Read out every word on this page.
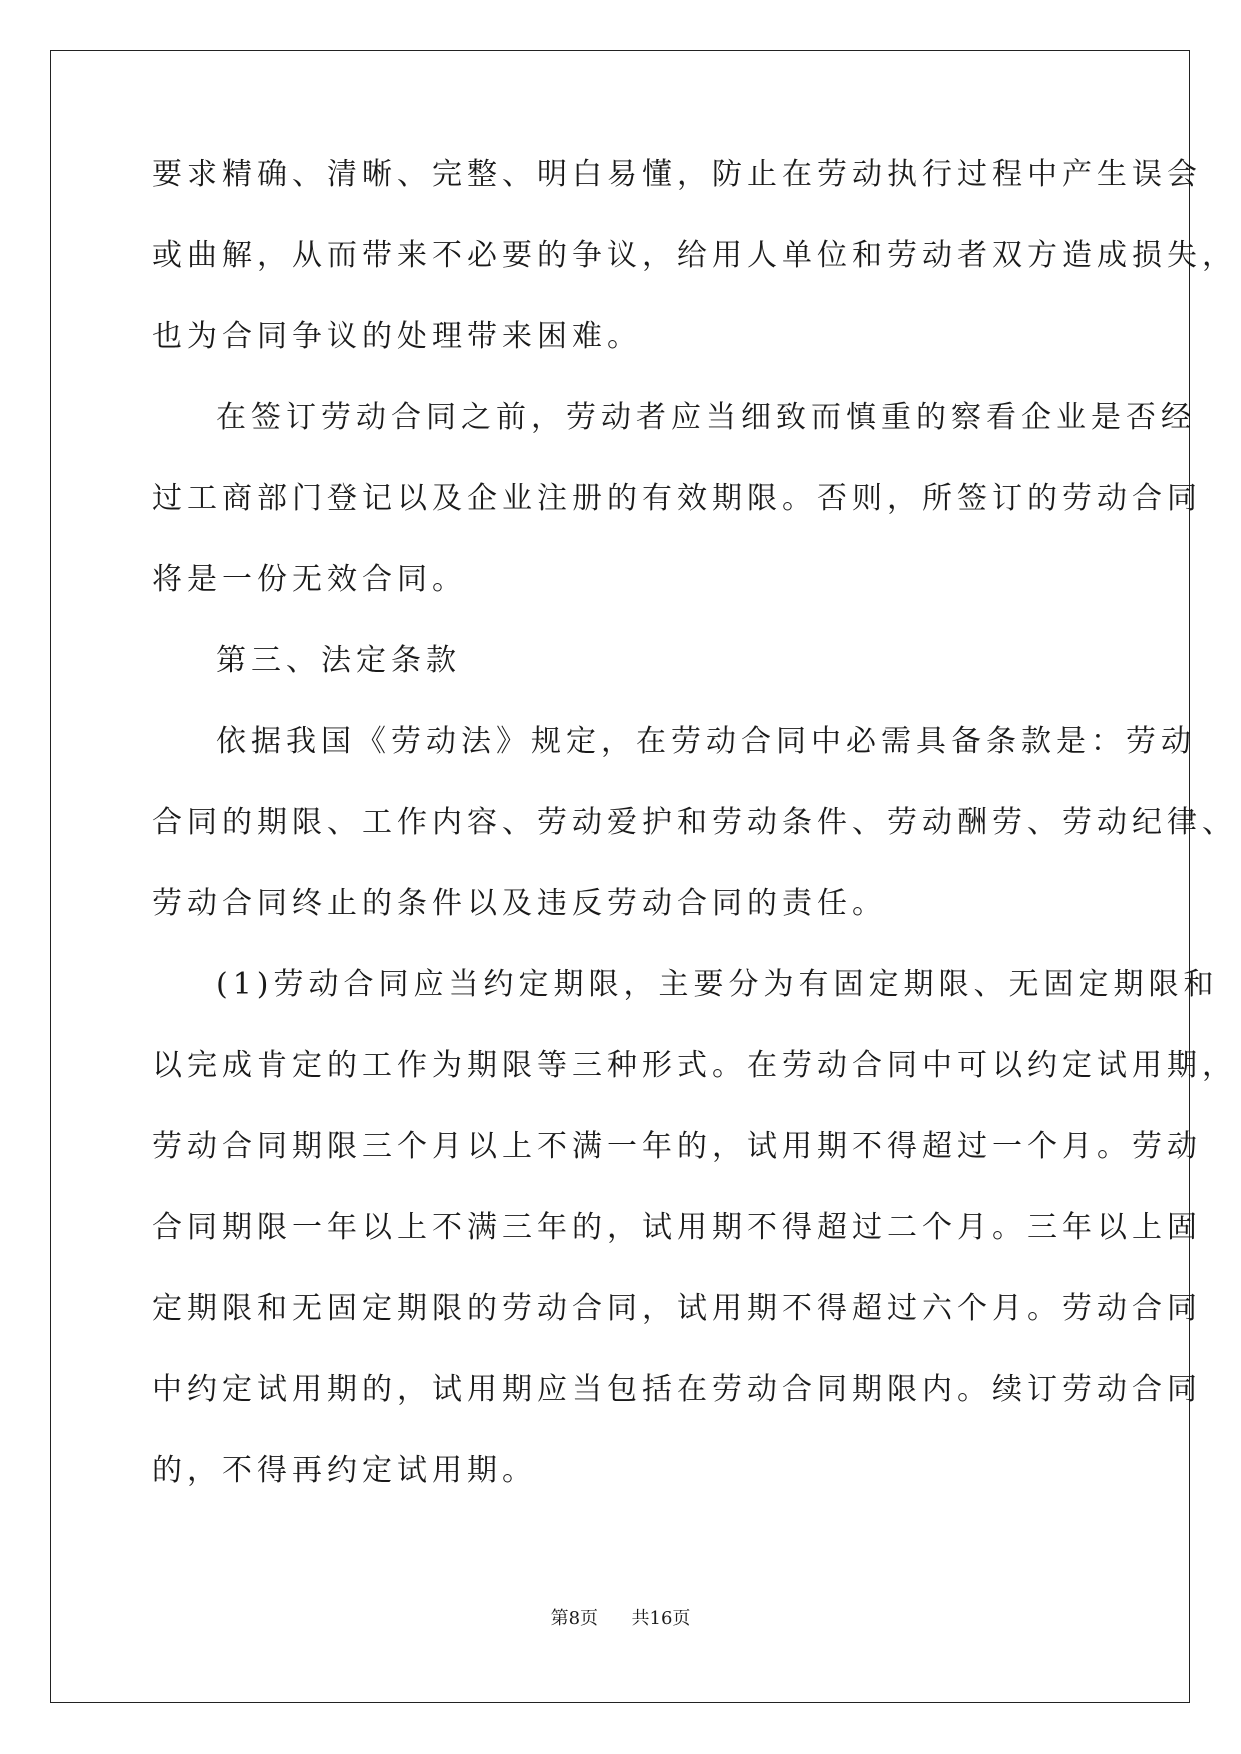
要求精确、清晰、完整、明白易懂，防止在劳动执行过程中产生误会
或曲解，从而带来不必要的争议，给用人单位和劳动者双方造成损失，
也为合同争议的处理带来困难。
在签订劳动合同之前，劳动者应当细致而慎重的察看企业是否经
过工商部门登记以及企业注册的有效期限。否则，所签订的劳动合同
将是一份无效合同。
第三、法定条款
依据我国《劳动法》规定，在劳动合同中必需具备条款是：劳动
合同的期限、工作内容、劳动爱护和劳动条件、劳动酬劳、劳动纪律、
劳动合同终止的条件以及违反劳动合同的责任。
(1)劳动合同应当约定期限，主要分为有固定期限、无固定期限和
以完成肯定的工作为期限等三种形式。在劳动合同中可以约定试用期，
劳动合同期限三个月以上不满一年的，试用期不得超过一个月。劳动
合同期限一年以上不满三年的，试用期不得超过二个月。三年以上固
定期限和无固定期限的劳动合同，试用期不得超过六个月。劳动合同
中约定试用期的，试用期应当包括在劳动合同期限内。续订劳动合同
的，不得再约定试用期。
第8页 共16页
